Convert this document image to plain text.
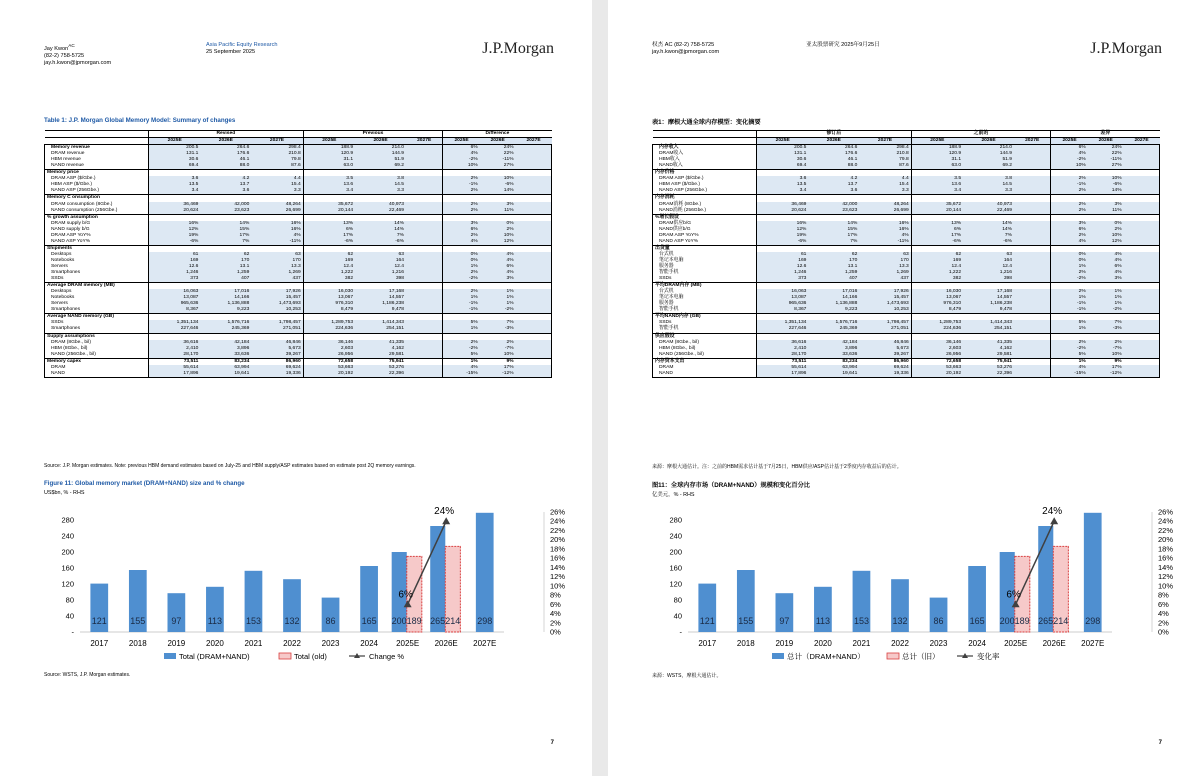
Jay Kwon$^{AC}$
(82-2) 758-5725
jay.h.kwon@jpmorgan.com
Asia Pacific Equity Research
25 September 2025	J.P.Morgan
Table 1: J.P. Morgan Global Memory Model: Summary of changes
	Revised			Previous			Difference		
	2025E	2026E	2027E	2025E	2026E	2027E	2025E	2026E	2027E
Memory revenue	200.5	264.6	298.4	188.9	214.0		6%	24%	
DRAM revenue	131.1	176.6	210.8	120.9	144.9		4%	22%	
HBM revenue	30.6	46.1	79.8	31.1	51.9		-2%	-11%	
NAND revenue	69.4	88.0	87.6	63.0	69.2		10%	27%	
Memory price									
DRAM ASP ($/Gbe.)	3.6	4.2	4.4	3.5	3.8		2%	10%	
HBM ASP ($/Gbe.)	13.5	13.7	15.4	13.6	14.5		-1%	-6%	
NAND ASP (256Gbe.)	3.4	3.6	3.3	3.4	3.3		2%	14%	
Memory C onsumption									
DRAM consumption (8Gbe.)	36,469	42,000	48,264	35,672	40,973		2%	3%	
NAND consumption (256Gbe.)	20,624	23,623	26,699	20,144	22,469		2%	11%	
% growth assumption									
DRAM supply b/G	16%	14%	16%	13%	14%		3%	0%	
NAND supply b/G	12%	15%	16%	6%	14%		6%	2%	
DRAM ASP YoY%	19%	17%	4%	17%	7%		2%	10%	
NAND ASP YoY%	-6%	7%	-11%	-6%	-6%		4%	12%	
Shipments									
Desktops	61	62	63	62	63		0%	4%	
Notebooks	169	170	170	169	164		0%	4%	
Servers	12.6	13.1	13.3	12.4	12.4		1%	6%	
Smartphones	1,246	1,259	1,269	1,222	1,216		2%	4%	
SSDs	373	407	437	382	398		-2%	3%	
Average DRAM memory (MB)									
Desktops	16,063	17,016	17,926	16,030	17,168		2%	1%	
Notebooks	13,087	14,166	15,457	13,067	14,557		1%	1%	
Servers	965,636	1,136,888	1,473,693	976,310	1,186,238		-1%	1%	
Smartphones	8,367	9,223	10,253	8,479	9,478		-1%	-2%	
Average NAND memory (GB)									
SSDs	1,351,134	1,576,716	1,798,457	1,289,753	1,414,343		5%	7%	
Smartphones	227,646	245,369	271,051	224,636	254,151		1%	-3%	
Supply assumptions									
DRAM (8Gbe., bil)	36,616	42,184	46,846	36,146	41,335		2%	2%	
HBM (8Gbe., bil)	2,410	3,896	5,673	2,603	4,162		-2%	-7%	
NAND (256Gbe., bil)	28,170	33,636	39,267	26,956	29,581		5%	10%	
Memory capex	73,511	83,234	86,960	72,658	75,941		1%	9%	
DRAM	55,614	63,994	69,624	53,663	53,276		4%	17%	
NAND	17,896	19,641	19,336	20,192	22,396		-15%	-12%	
Source: J.P. Morgan estimates. Note: previous HBM demand estimates based on July-25 and HBM supply/ASP estimates based on estimate post 2Q memory earnings.
Figure 11: Global memory market (DRAM+NAND) size and % change
US$bn, % - RHS
-
40
80
120
160
200
240
280
0%
2%
4%
6%
8%
10%
12%
14%
16%
18%
20%
22%
24%
26%
121
2017
155
2018
97
2019
113
2020
153
2021
132
2022
86
2023
165
2024
200 189
2025E
265 214
2026E
298
2027E
6%
24%
Total (DRAM+NAND)	Total (old)	Change %
Source: WSTS, J.P. Morgan estimates.
7
权杰 AC (82-2) 758-5725
jay.h.kwon@jpmorgan.com
亚太股票研究 2025年9月25日	J.P.Morgan
表1：摩根大通全球内存模型：变化摘要
	修订后			之前的			差异		
	2025E	2026E	2027E	2025E	2026E	2027E	2025E	2026E	2027E
内存收入	200.5	264.6	298.4	188.9	214.0		6%	24%	
DRAM收入	131.1	176.6	210.8	120.9	144.9		4%	22%	
HBM收入	30.6	46.1	79.8	31.1	51.9		-2%	-11%	
NAND收入	69.4	88.0	87.6	63.0	69.2		10%	27%	
内存价格									
DRAM ASP ($/Gbe.)	3.6	4.2	4.4	3.5	3.8		2%	10%	
HBM ASP ($/Gbe.)	13.5	13.7	15.4	13.6	14.5		-1%	-6%	
NAND ASP (256Gbe.)	3.4	3.6	3.3	3.4	3.3		2%	14%	
内存消耗									
DRAM消耗 (8Gbe.)	36,469	42,000	48,264	35,672	40,973		2%	3%	
NAND消耗 (256Gbe.)	20,624	23,623	26,699	20,144	22,469		2%	11%	
%增长假设									
DRAM供应b/G	16%	14%	16%	13%	14%		3%	0%	
NAND供应b/G	12%	15%	16%	6%	14%		6%	2%	
DRAM ASP YoY%	19%	17%	4%	17%	7%		2%	10%	
NAND ASP YoY%	-6%	7%	-11%	-6%	-6%		4%	12%	
出货量									
台式机	61	62	63	62	63		0%	4%	
笔记本电脑	169	170	170	169	164		0%	4%	
服务器	12.6	13.1	13.3	12.4	12.4		1%	6%	
智能手机	1,246	1,259	1,269	1,222	1,216		2%	4%	
SSDs	373	407	437	382	398		-2%	3%	
平均DRAM内存 (MB)									
台式机	16,063	17,016	17,926	16,030	17,168		2%	1%	
笔记本电脑	13,087	14,166	15,457	13,067	14,557		1%	1%	
服务器	965,636	1,136,888	1,473,693	976,310	1,186,238		-1%	1%	
智能手机	8,367	9,223	10,253	8,479	9,478		-1%	-2%	
平均NAND内存 (GB)									
SSDs	1,351,134	1,576,716	1,798,457	1,289,753	1,414,343		5%	7%	
智能手机	227,646	245,369	271,051	224,636	254,151		1%	-3%	
供应假设									
DRAM (8Gbe., bil)	36,616	42,184	46,846	36,146	41,335		2%	2%	
HBM (8Gbe., bil)	2,410	3,896	5,673	2,603	4,162		-2%	-7%	
NAND (256Gbe., bil)	28,170	33,636	39,267	26,956	29,581		5%	10%	
内存资本支出	73,511	83,234	86,960	72,658	75,941		1%	9%	
DRAM	55,614	63,994	69,624	53,663	53,276		4%	17%	
NAND	17,896	19,641	19,336	20,192	22,396		-15%	-12%	
来源：摩根大通估计。注：之前的HBM需求估计基于7月25日，HBM供应/ASP估计基于2季度内存收益后的估计。
图11：全球内存市场（DRAM+NAND）规模和变化百分比
亿美元，% - RHS
-
40
80
120
160
200
240
280
0%
2%
4%
6%
8%
10%
12%
14%
16%
18%
20%
22%
24%
26%
121
2017
155
2018
97
2019
113
2020
153
2021
132
2022
86
2023
165
2024
200 189
2025E
265 214
2026E
298
2027E
6%
24%
总计（DRAM+NAND）	总计（旧）	变化率
来源：WSTS，摩根大通估计。
7
